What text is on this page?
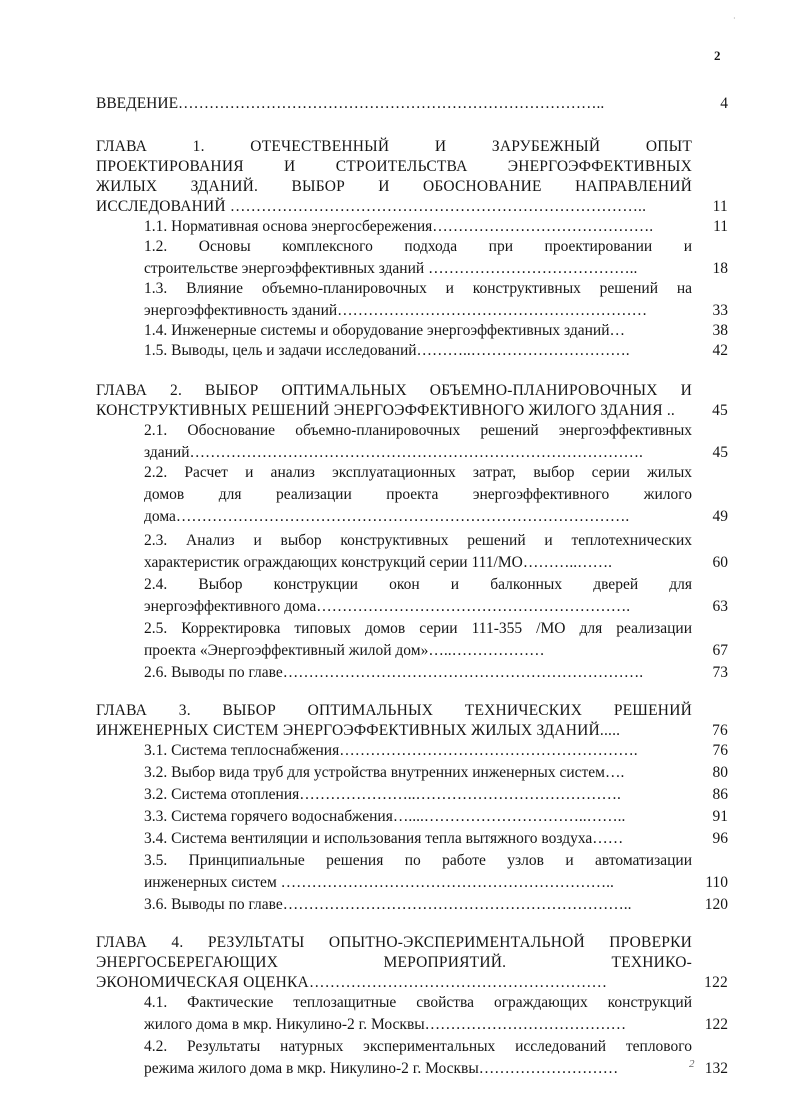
·
2
ВВЕДЕНИЕ………………………………………………………………………..	4
ГЛАВА 1. ОТЕЧЕСТВЕННЫЙ И ЗАРУБЕЖНЫЙ ОПЫТ
ПРОЕКТИРОВАНИЯ И СТРОИТЕЛЬСТВА ЭНЕРГОЭФФЕКТИВНЫХ
ЖИЛЫХ ЗДАНИЙ. ВЫБОР И ОБОСНОВАНИЕ НАПРАВЛЕНИЙ
ИССЛЕДОВАНИЙ ……………………………………………………………………..	11
1.1. Нормативная основа энергосбережения…………………………………….	11
1.2. Основы комплексного подхода при проектировании и
строительстве энергоэффективных зданий …………………………………..	18
1.3. Влияние объемно-планировочных и конструктивных решений на
энергоэффективность зданий……………………………………………………	33
1.4. Инженерные системы и оборудование энергоэффективных зданий…	38
1.5. Выводы, цель и задачи исследований………..………………………….	42
ГЛАВА 2. ВЫБОР ОПТИМАЛЬНЫХ ОБЪЕМНО-ПЛАНИРОВОЧНЫХ И
КОНСТРУКТИВНЫХ РЕШЕНИЙ ЭНЕРГОЭФФЕКТИВНОГО ЖИЛОГО ЗДАНИЯ ..	45
2.1. Обоснование объемно-планировочных решений энергоэффективных
зданий…………………………………………………………………………….	45
2.2. Расчет и анализ эксплуатационных затрат, выбор серии жилых
домов для реализации проекта энергоэффективного жилого
дома…………………………………………………………………………….	49
2.3. Анализ и выбор конструктивных решений и теплотехнических
характеристик ограждающих конструкций серии 111/МО………..…….	60
2.4. Выбор конструкции окон и балконных дверей для
энергоэффективного дома…………………………………………………….	63
2.5. Корректировка типовых домов серии 111-355 /МО для реализации
проекта «Энергоэффективный жилой дом»…..………………	67
2.6. Выводы по главе…………………………………………………………….	73
ГЛАВА 3. ВЫБОР ОПТИМАЛЬНЫХ ТЕХНИЧЕСКИХ РЕШЕНИЙ
ИНЖЕНЕРНЫХ СИСТЕМ ЭНЕРГОЭФФЕКТИВНЫХ ЖИЛЫХ ЗДАНИЙ.....	76
3.1. Система теплоснабжения………………………………………………….	76
3.2. Выбор вида труб для устройства внутренних инженерных систем….	80
3.2. Система отопления…………………..………………………………….	86
3.3. Система горячего водоснабжения…....…………………………..……..	91
3.4. Система вентиляции и использования тепла вытяжного воздуха……	96
3.5. Принципиальные решения по работе узлов и автоматизации
инженерных систем ………………………………………………………..	110
3.6. Выводы по главе…………………………………………………………..	120
ГЛАВА 4. РЕЗУЛЬТАТЫ ОПЫТНО-ЭКСПЕРИМЕНТАЛЬНОЙ ПРОВЕРКИ
ЭНЕРГОСБЕРЕГАЮЩИХ МЕРОПРИЯТИЙ. ТЕХНИКО-
ЭКОНОМИЧЕСКАЯ ОЦЕНКА…………………………………………………	122
4.1. Фактические теплозащитные свойства ограждающих конструкций
жилого дома в мкр. Никулино-2 г. Москвы…………………………………	122
4.2. Результаты натурных экспериментальных исследований теплового
режима жилого дома в мкр. Никулино-2 г. Москвы………………………	132
2
